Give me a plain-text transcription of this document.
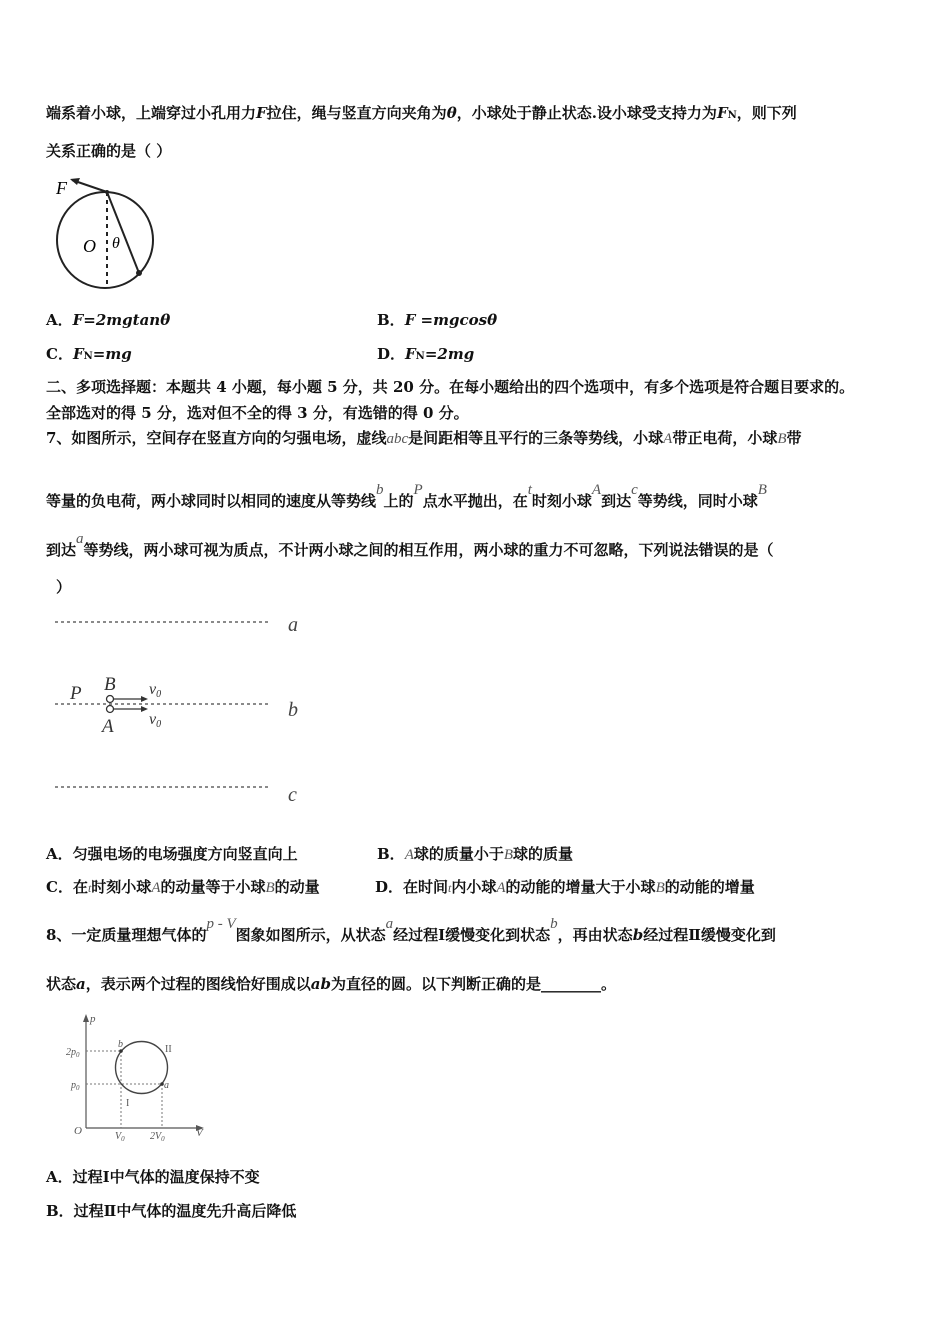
端系着小球，上端穿过小孔用力F拉住，绳与竖直方向夹角为θ，小球处于静止状态.设小球受支持力为FN，则下列
关系正确的是（ ）
F
O θ
A．F=2mgtanθ	B．F =mgcosθ
C．FN=mg	D．FN=2mg
二、多项选择题：本题共 4 小题，每小题 5 分，共 20 分。在每小题给出的四个选项中，有多个选项是符合题目要求的。
全部选对的得 5 分，选对但不全的得 3 分，有选错的得 0 分。
7、如图所示，空间存在竖直方向的匀强电场，虚线abc是间距相等且平行的三条等势线，小球A带正电荷，小球B带
等量的负电荷，两小球同时以相同的速度从等势线b上的P点水平抛出，在t时刻小球A到达c等势线，同时小球B
到达a等势线，两小球可视为质点，不计两小球之间的相互作用，两小球的重力不可忽略，下列说法错误的是（
）
a
b
c
P B
A
v0
v0
A．匀强电场的电场强度方向竖直向上	B．A球的质量小于B球的质量
C．在t时刻小球A的动量等于小球B的动量	D．在时间t内小球A的动能的增量大于小球B的动能的增量
8、一定质量理想气体的p - V图象如图所示，从状态a经过程Ⅰ缓慢变化到状态b，再由状态b经过程Ⅱ缓慢变化到
状态a，表示两个过程的图线恰好围成以ab为直径的圆。以下判断正确的是________。
p
V
O
$2p_0$
$p_0$
$V_0$	$2V_0$
a
b
I
II
A．过程Ⅰ中气体的温度保持不变
B．过程Ⅱ中气体的温度先升高后降低
